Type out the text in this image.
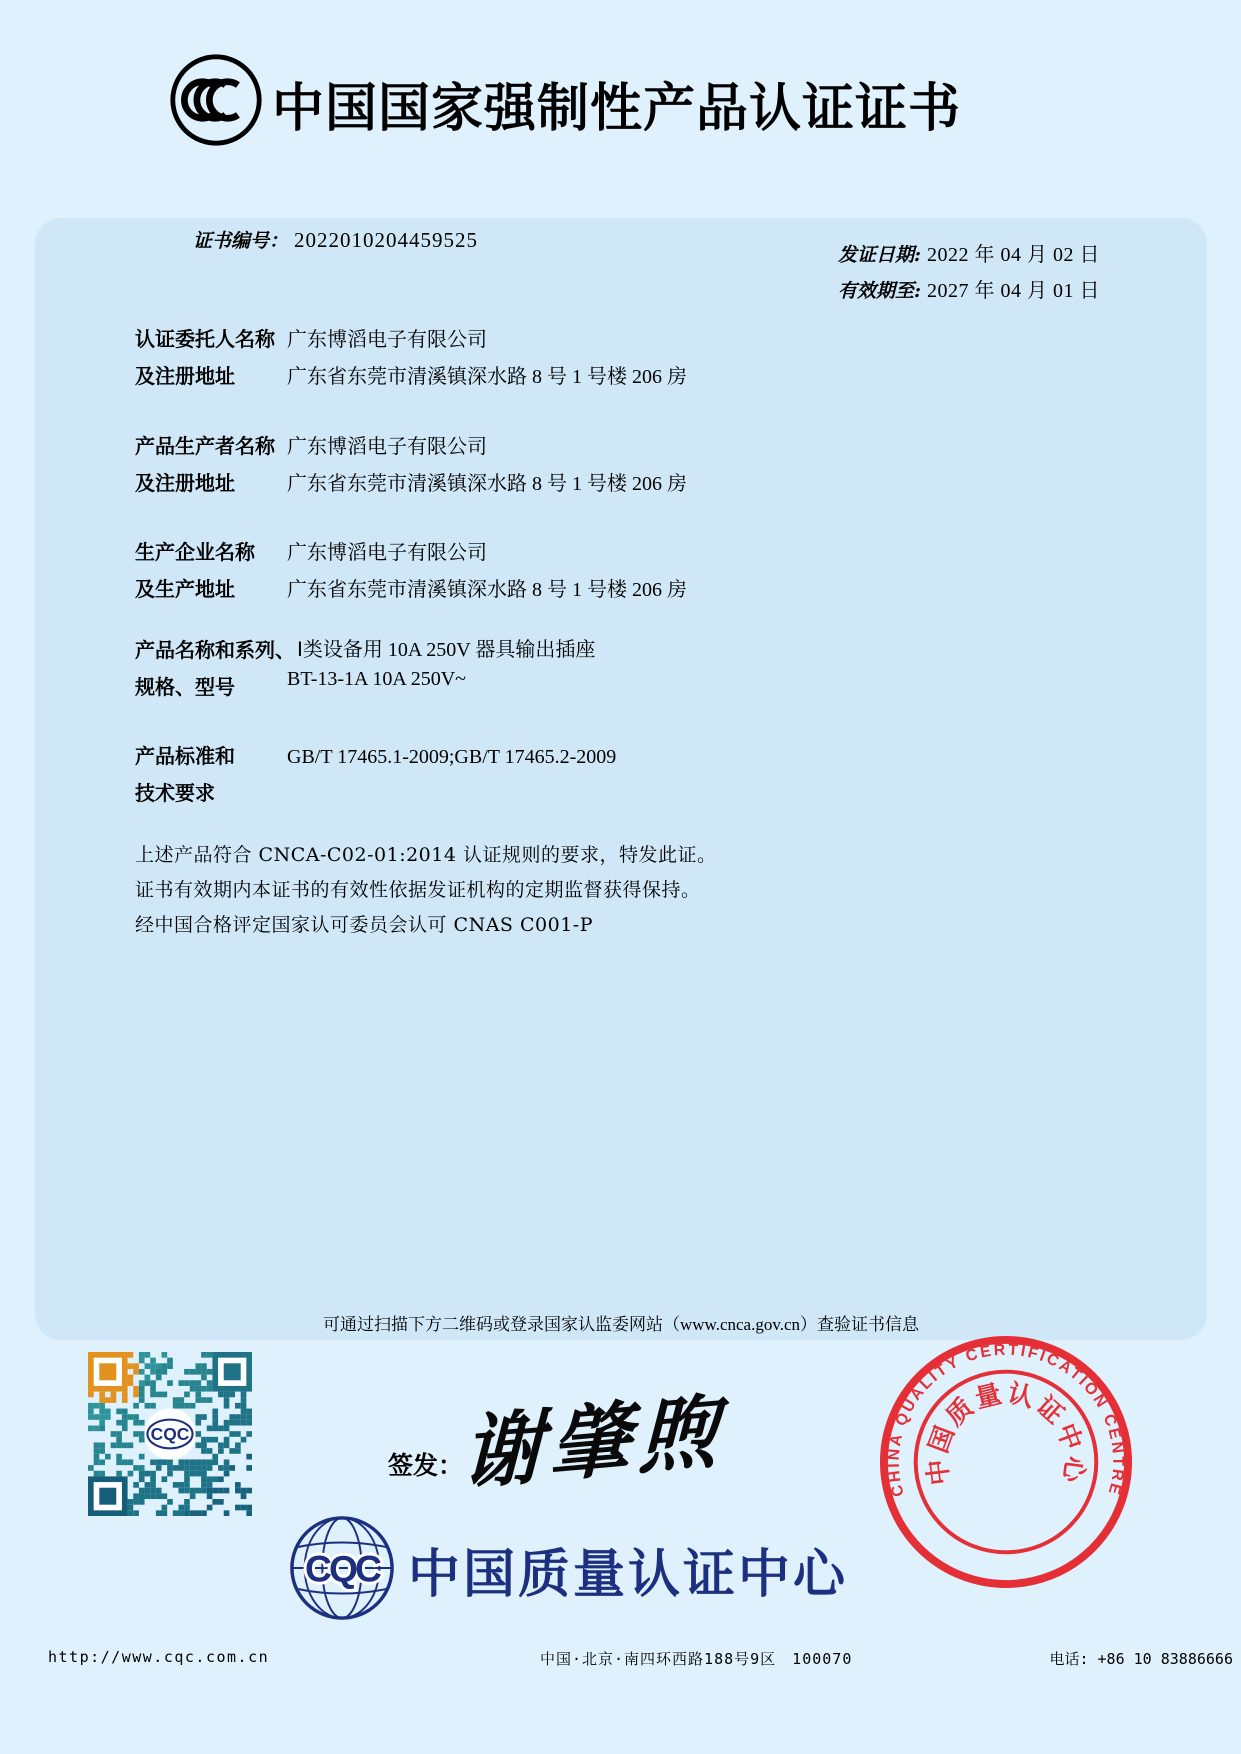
中国国家强制性产品认证证书
证书编号： 2022010204459525
发证日期: 2022 年 04 月 02 日
有效期至: 2027 年 04 月 01 日
认证委托人名称
及注册地址
广东博滔电子有限公司
广东省东莞市清溪镇深水路 8 号 1 号楼 206 房
产品生产者名称
及注册地址
广东博滔电子有限公司
广东省东莞市清溪镇深水路 8 号 1 号楼 206 房
生产企业名称
及生产地址
广东博滔电子有限公司
广东省东莞市清溪镇深水路 8 号 1 号楼 206 房
产品名称和系列、
规格、型号
Ⅰ类设备用 10A 250V 器具输出插座
BT-13-1A 10A 250V~
产品标准和
技术要求
GB/T 17465.1-2009;GB/T 17465.2-2009
上述产品符合 CNCA-C02-01:2014 认证规则的要求，特发此证。
证书有效期内本证书的有效性依据发证机构的定期监督获得保持。
经中国合格评定国家认可委员会认可 CNAS C001-P
可通过扫描下方二维码或登录国家认监委网站（www.cnca.gov.cn）查验证书信息
CQC
签发：
谢肇煦
CQC 中国质量认证中心
CHINA QUALITY CERTIFICATION CENTRE
中国质量认证中心
http://www.cqc.com.cn	中国·北京·南四环西路188号9区　100070	电话: +86 10 83886666
